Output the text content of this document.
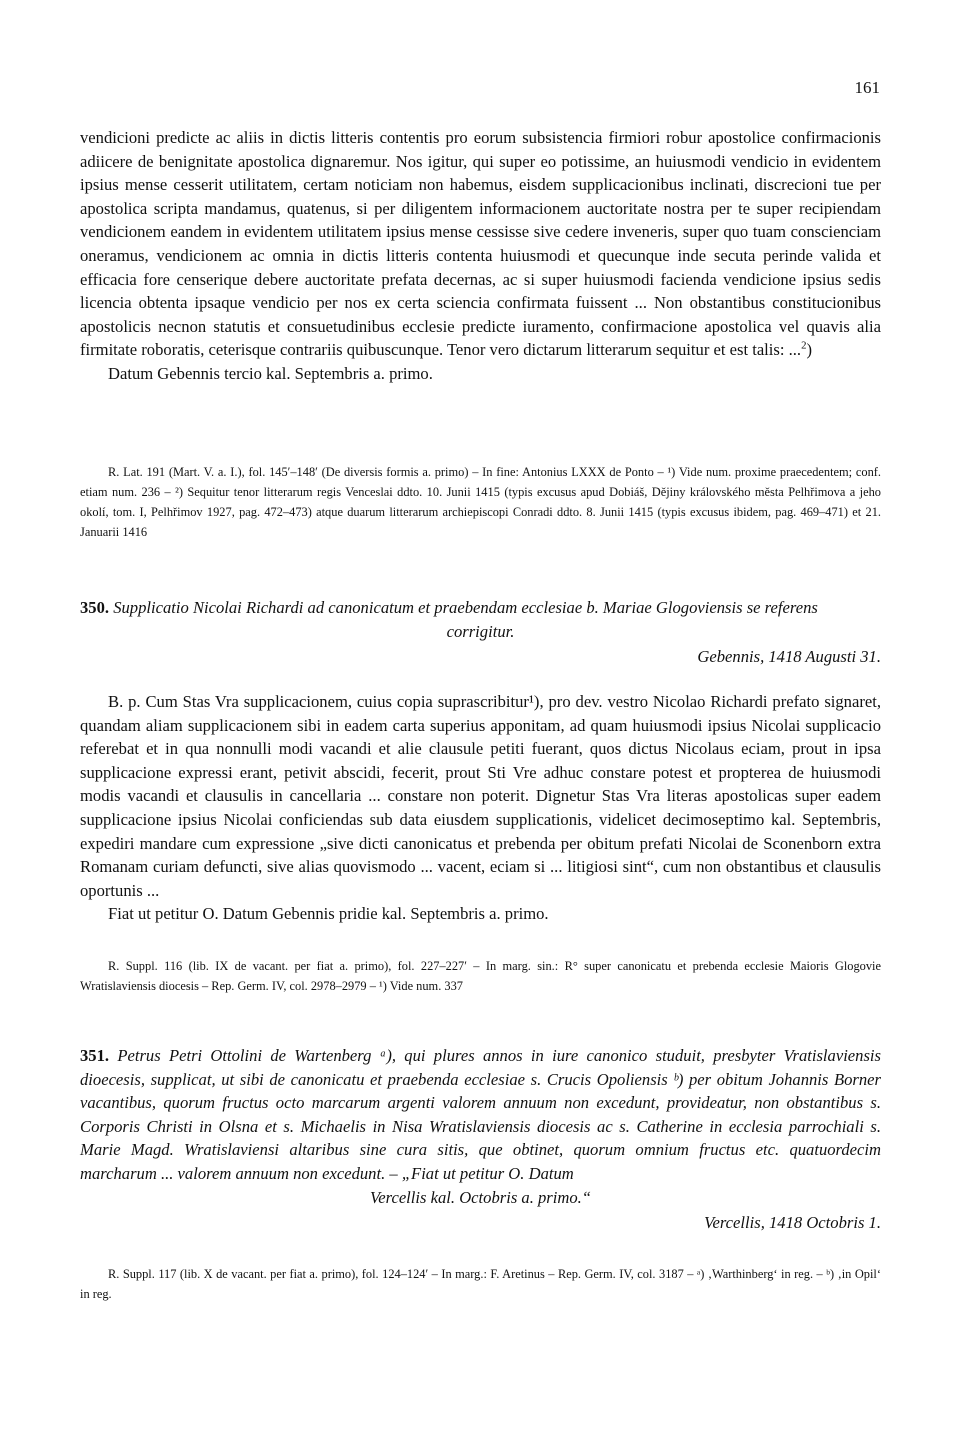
161

vendicioni predicte ac aliis in dictis litteris contentis pro eorum subsistencia firmiori robur apostolice confirmacionis adiicere de benignitate apostolica dignaremur. Nos igitur, qui super eo potissime, an huiusmodi vendicio in evidentem ipsius mense cesserit utilitatem, certam noticiam non habemus, eisdem supplicacionibus inclinati, discrecioni tue per apostolica scripta mandamus, quatenus, si per diligentem informacionem auctoritate nostra per te super recipiendam vendicionem eandem in evidentem utilitatem ipsius mense cessisse sive cedere inveneris, super quo tuam conscienciam oneramus, vendicionem ac omnia in dictis litteris contenta huiusmodi et quecunque inde secuta perinde valida et efficacia fore censerique debere auctoritate prefata decernas, ac si super huiusmodi facienda vendicione ipsius sedis licencia obtenta ipsaque vendicio per nos ex certa sciencia confirmata fuissent ... Non obstantibus constitucionibus apostolicis necnon statutis et consuetudinibus ecclesie predicte iuramento, confirmacione apostolica vel quavis alia firmitate roboratis, ceterisque contrariis quibuscunque. Tenor vero dictarum litterarum sequitur et est talis: ...$^2$)

Datum Gebennis tercio kal. Septembris a. primo.

R. Lat. 191 (Mart. V. a. I.), fol. 145′–148′ (De diversis formis a. primo) – In fine: Antonius LXXX de Ponto – ¹) Vide num. proxime praecedentem; conf. etiam num. 236 – ²) Sequitur tenor litterarum regis Venceslai ddto. 10. Junii 1415 (typis excusus apud Dobiáš, Dějiny královského města Pelhřimova a jeho okolí, tom. I, Pelhřimov 1927, pag. 472–473) atque duarum litterarum archiepiscopi Conradi ddto. 8. Junii 1415 (typis excusus ibidem, pag. 469–471) et 21. Januarii 1416

350. Supplicatio Nicolai Richardi ad canonicatum et praebendam ecclesiae b. Mariae Glogoviensis se referens
corrigitur.
Gebennis, 1418 Augusti 31.

B. p. Cum Stas Vra supplicacionem, cuius copia suprascribitur¹), pro dev. vestro Nicolao Richardi prefato signaret, quandam aliam supplicacionem sibi in eadem carta superius apponitam, ad quam huiusmodi ipsius Nicolai supplicacio referebat et in qua nonnulli modi vacandi et alie clausule petiti fuerant, quos dictus Nicolaus eciam, prout in ipsa supplicacione expressi erant, petivit abscidi, fecerit, prout Sti Vre adhuc constare potest et propterea de huiusmodi modis vacandi et clausulis in cancellaria ... constare non poterit. Dignetur Stas Vra literas apostolicas super eadem supplicacione ipsius Nicolai conficiendas sub data eiusdem supplicationis, videlicet decimoseptimo kal. Septembris, expediri mandare cum expressione „sive dicti canonicatus et prebenda per obitum prefati Nicolai de Sconenborn extra Romanam curiam defuncti, sive alias quovismodo ... vacent, eciam si ... litigiosi sint“, cum non obstantibus et clausulis oportunis ...

Fiat ut petitur O. Datum Gebennis pridie kal. Septembris a. primo.

R. Suppl. 116 (lib. IX de vacant. per fiat a. primo), fol. 227–227′ – In marg. sin.: R° super canonicatu et prebenda ecclesie Maioris Glogovie Wratislaviensis diocesis – Rep. Germ. IV, col. 2978–2979 – ¹) Vide num. 337

351. Petrus Petri Ottolini de Wartenberg ᵃ), qui plures annos in iure canonico studuit, presbyter Vratislaviensis dioecesis, supplicat, ut sibi de canonicatu et praebenda ecclesiae s. Crucis Opoliensis ᵇ) per obitum Johannis Borner vacantibus, quorum fructus octo marcarum argenti valorem annuum non excedunt, provideatur, non obstantibus s. Corporis Christi in Olsna et s. Michaelis in Nisa Wratislaviensis diocesis ac s. Catherine in ecclesia parrochiali s. Marie Magd. Wratislaviensi altaribus sine cura sitis, que obtinet, quorum omnium fructus etc. quatuordecim marcharum ... valorem annuum non excedunt. – „Fiat ut petitur O. Datum
Vercellis kal. Octobris a. primo.“
Vercellis, 1418 Octobris 1.

R. Suppl. 117 (lib. X de vacant. per fiat a. primo), fol. 124–124′ – In marg.: F. Aretinus – Rep. Germ. IV, col. 3187 – ᵃ) ‚Warthinberg‘ in reg. – ᵇ) ‚in Opil‘ in reg.
